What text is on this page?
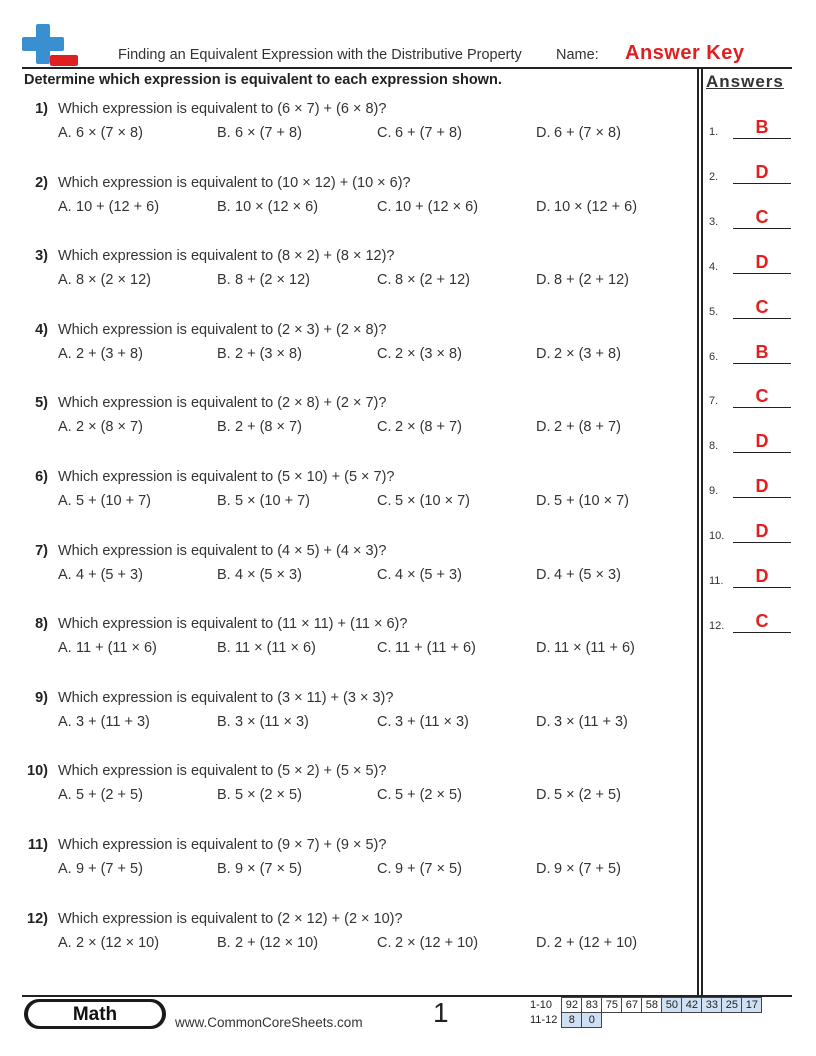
Finding an Equivalent Expression with the Distributive Property Name: Answer Key
Determine which expression is equivalent to each expression shown.	Answers
1) Which expression is equivalent to (6 × 7) + (6 × 8)?
A. 6 × (7 × 8)	B. 6 × (7 + 8)	C. 6 + (7 + 8)	D. 6 + (7 × 8)
2) Which expression is equivalent to (10 × 12) + (10 × 6)?
A. 10 + (12 + 6)	B. 10 × (12 × 6)	C. 10 + (12 × 6)	D. 10 × (12 + 6)
3) Which expression is equivalent to (8 × 2) + (8 × 12)?
A. 8 × (2 × 12)	B. 8 + (2 × 12)	C. 8 × (2 + 12)	D. 8 + (2 + 12)
4) Which expression is equivalent to (2 × 3) + (2 × 8)?
A. 2 + (3 + 8)	B. 2 + (3 × 8)	C. 2 × (3 × 8)	D. 2 × (3 + 8)
5) Which expression is equivalent to (2 × 8) + (2 × 7)?
A. 2 × (8 × 7)	B. 2 + (8 × 7)	C. 2 × (8 + 7)	D. 2 + (8 + 7)
6) Which expression is equivalent to (5 × 10) + (5 × 7)?
A. 5 + (10 + 7)	B. 5 × (10 + 7)	C. 5 × (10 × 7)	D. 5 + (10 × 7)
7) Which expression is equivalent to (4 × 5) + (4 × 3)?
A. 4 + (5 + 3)	B. 4 × (5 × 3)	C. 4 × (5 + 3)	D. 4 + (5 × 3)
8) Which expression is equivalent to (11 × 11) + (11 × 6)?
A. 11 + (11 × 6)	B. 11 × (11 × 6)	C. 11 + (11 + 6)	D. 11 × (11 + 6)
9) Which expression is equivalent to (3 × 11) + (3 × 3)?
A. 3 + (11 + 3)	B. 3 × (11 × 3)	C. 3 + (11 × 3)	D. 3 × (11 + 3)
10) Which expression is equivalent to (5 × 2) + (5 × 5)?
A. 5 + (2 + 5)	B. 5 × (2 × 5)	C. 5 + (2 × 5)	D. 5 × (2 + 5)
11) Which expression is equivalent to (9 × 7) + (9 × 5)?
A. 9 + (7 + 5)	B. 9 × (7 × 5)	C. 9 + (7 × 5)	D. 9 × (7 + 5)
12) Which expression is equivalent to (2 × 12) + (2 × 10)?
A. 2 × (12 × 10)	B. 2 + (12 × 10)	C. 2 × (12 + 10)	D. 2 + (12 + 10)
1.	B
2.	D
3.	C
4.	D
5.	C
6.	B
7.	C
8.	D
9.	D
10.	D
11.	D
12.	C
Math	www.CommonCoreSheets.com	1	1-10	92	83	75	67	58	50	42	33	25	17
11-12	8	0								
